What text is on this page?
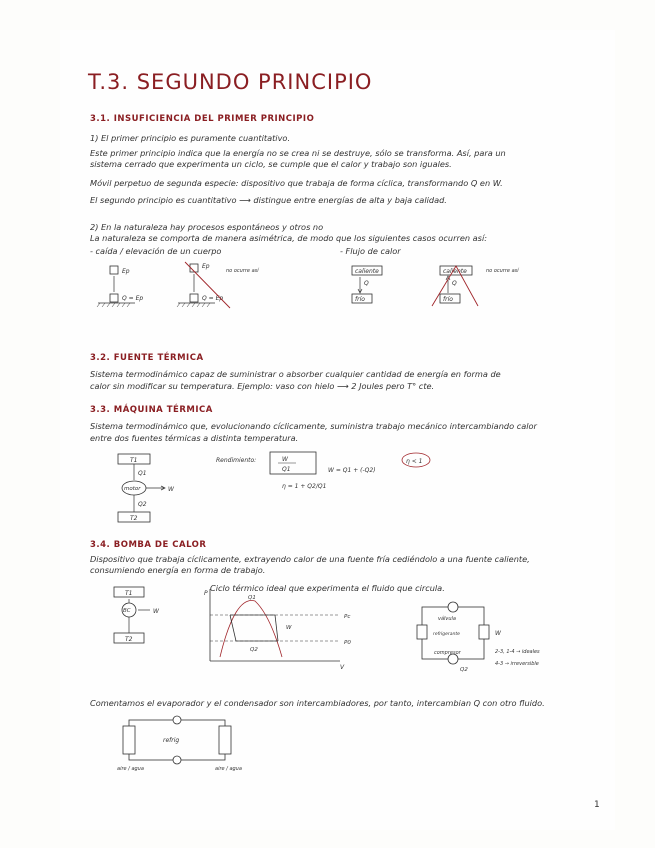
T.3. SEGUNDO PRINCIPIO
3.1. INSUFICIENCIA DEL PRIMER PRINCIPIO
1) El primer principio es puramente cuantitativo.
Este primer principio indica que la energía no se crea ni se destruye, sólo se transforma. Así, para un
sistema cerrado que experimenta un ciclo, se cumple que el calor y trabajo son iguales.
Móvil perpetuo de segunda especie: dispositivo que trabaja de forma cíclica, transformando Q en W.
El segundo principio es cuantitativo ⟶ distingue entre energías de alta y baja calidad.
2) En la naturaleza hay procesos espontáneos y otros no
La naturaleza se comporta de manera asimétrica, de modo que los siguientes casos ocurren así:
- caída / elevación de un cuerpo	- Flujo de calor
Ep
Q = Ep
Ep
Q = Ep
no ocurre así	caliente
Q
frío
caliente
Q
frío
no ocurre así
3.2. FUENTE TÉRMICA
Sistema termodinámico capaz de suministrar o absorber cualquier cantidad de energía en forma de
calor sin modificar su temperatura. Ejemplo: vaso con hielo ⟶ 2 Joules pero T° cte.
3.3. MÁQUINA TÉRMICA
Sistema termodinámico que, evolucionando cíclicamente, suministra trabajo mecánico intercambiando calor
entre dos fuentes térmicas a distinta temperatura.
T1
Q1
motor	W
Q2
T2
Rendimiento:	W
Q1	W = Q1 + (-Q2)
η = 1 + Q2/Q1
η < 1
3.4. BOMBA DE CALOR
Dispositivo que trabaja cíclicamente, extrayendo calor de una fuente fría cediéndolo a una fuente caliente,
consumiendo energía en forma de trabajo.
Ciclo térmico ideal que experimenta el fluido que circula.
T1
BC	W
T2
P
V
Q1
Q2
Pc
P0
W
válvula
compresor
refrigerante	W
Q2
2-3, 1-4 → ideales
4-3 → irreversible
Comentamos el evaporador y el condensador son intercambiadores, por tanto, intercambian Q con otro fluido.
refrig
aire / agua	aire / agua
1
